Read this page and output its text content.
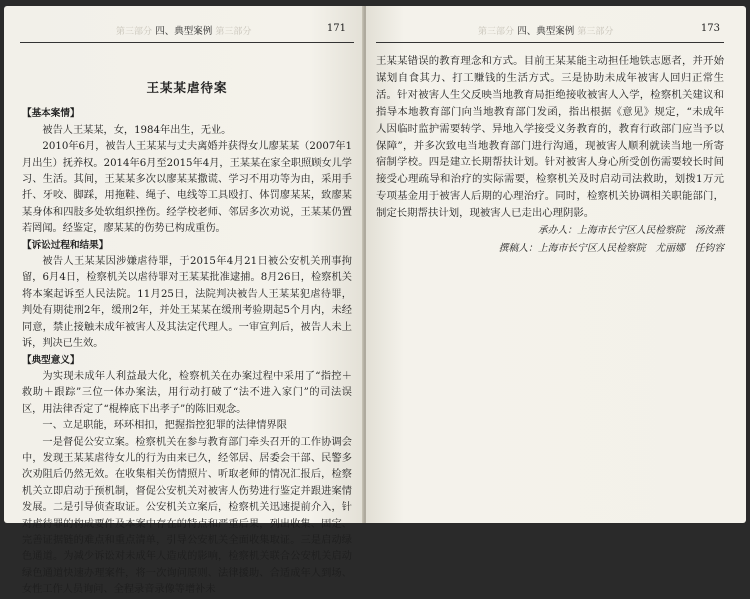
第三部分 四、典型案例 第三部分	171
王某某虐待案
【基本案情】

被告人王某某，女，1984年出生，无业。

2010年6月，被告人王某某与丈夫离婚并获得女儿廖某某（2007年1月出生）抚养权。2014年6月至2015年4月，王某某在家全职照顾女儿学习、生活。其间，王某某多次以廖某某撒谎、学习不用功等为由，采用手扦、牙咬、脚踩，用拖鞋、绳子、电线等工具殴打、体罚廖某某，致廖某某身体和四肢多处软组织挫伤。经学校老师、邻居多次劝说，王某某仍置若罔闻。经鉴定，廖某某的伤势已构成重伤。

【诉讼过程和结果】

被告人王某某因涉嫌虐待罪，于2015年4月21日被公安机关刑事拘留，6月4日，检察机关以虐待罪对王某某批准逮捕。8月26日，检察机关将本案起诉至人民法院。11月25日，法院判决被告人王某某犯虐待罪，判处有期徒刑2年，缓刑2年，并处王某某在缓刑考验期起5个月内，未经同意，禁止接触未成年被害人及其法定代理人。一审宣判后，被告人未上诉，判决已生效。

【典型意义】

为实现未成年人利益最大化，检察机关在办案过程中采用了“指控＋救助＋跟踪”三位一体办案法，用行动打破了“法不进入家门”的司法误区，用法律否定了“棍棒底下出孝子”的陈旧观念。

一、立足职能，环环相扣，把握指控犯罪的法律情界限

一是督促公安立案。检察机关在参与教育部门牵头召开的工作协调会中，发现王某某虐待女儿的行为由来已久，经邻居、居委会干部、民警多次劝阻后仍然无效。在收集相关伤情照片、听取老师的情况汇报后，检察机关立即启动于预机制，督促公安机关对被害人伤势进行鉴定并跟进案情发展。二是引导侦查取证。公安机关立案后，检察机关迅速提前介入，针对虐待罪的构成要件及本案中存在的特点和严重后果，列出收集、固定、完善证据链的难点和重点清单，引导公安机关全面收集取证。三是启动绿色通道。为减少诉讼对未成年人造成的影响，检察机关联合公安机关启动绿色通道快速办理案件，将一次询问原则、法律援助、合适成年人到场、女性工作人员询问、全程录音录像等增补未

第三部分 四、典型案例 第三部分	173

王某某错误的教育理念和方式。目前王某某能主动担任地铁志愿者，并开始谋划自食其力、打工赚钱的生活方式。三是协助未成年被害人回归正常生活。针对被害人生父反映当地教育局拒绝接收被害人入学，检察机关建议和指导本地教育部门向当地教育部门发函，指出根据《意见》规定，“未成年人因临时监护需要转学、异地入学接受义务教育的，教育行政部门应当予以保障”，并多次致电当地教育部门进行沟通，现被害人顺利就读当地一所寄宿制学校。四是建立长期帮扶计划。针对被害人身心所受创伤需要较长时间接受心理疏导和治疗的实际需要，检察机关及时启动司法救助，划拨1万元专项基金用于被害人后期的心理治疗。同时，检察机关协调相关职能部门，制定长期帮扶计划，现被害人已走出心理阴影。

承办人：上海市长宁区人民检察院　汤汝燕
撰稿人：上海市长宁区人民检察院　尤丽娜　任钧容
